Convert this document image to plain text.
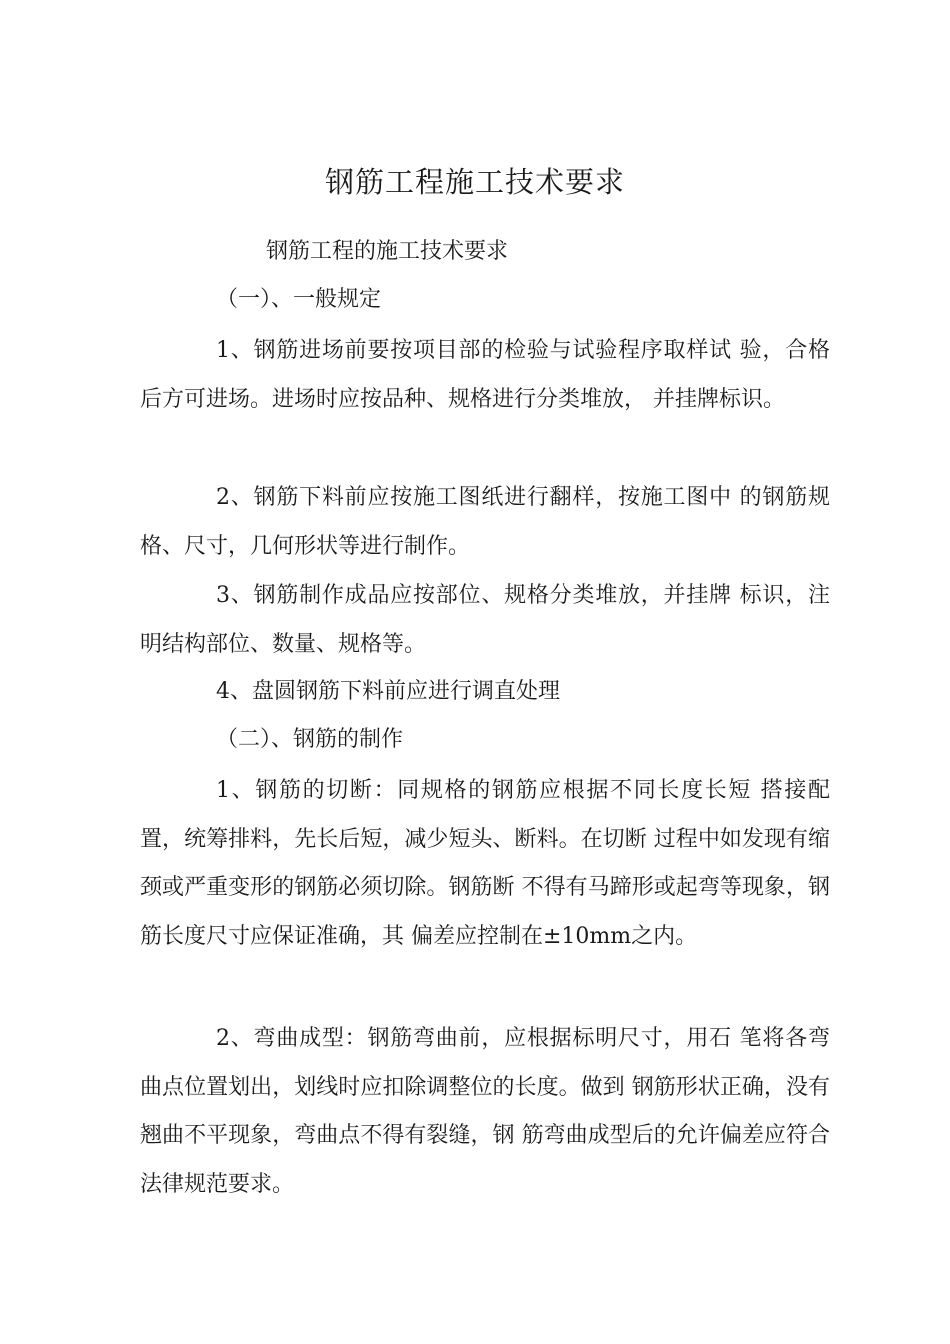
钢筋工程施工技术要求
钢筋工程的施工技术要求
（一）、一般规定

1、钢筋进场前要按项目部的检验与试验程序取样试 验，合格后方可进场。进场时应按品种、规格进行分类堆放， 并挂牌标识。

2、钢筋下料前应按施工图纸进行翻样，按施工图中 的钢筋规格、尺寸，几何形状等进行制作。

3、钢筋制作成品应按部位、规格分类堆放，并挂牌 标识，注明结构部位、数量、规格等。

4、盘圆钢筋下料前应进行调直处理
（二）、钢筋的制作

1、钢筋的切断：同规格的钢筋应根据不同长度长短 搭接配置，统筹排料，先长后短，减少短头、断料。在切断 过程中如发现有缩颈或严重变形的钢筋必须切除。钢筋断 不得有马蹄形或起弯等现象，钢筋长度尺寸应保证准确，其 偏差应控制在±10mm之内。

2、弯曲成型：钢筋弯曲前，应根据标明尺寸，用石 笔将各弯曲点位置划出，划线时应扣除调整位的长度。做到 钢筋形状正确，没有翘曲不平现象，弯曲点不得有裂缝，钢 筋弯曲成型后的允许偏差应符合法律规范要求。
